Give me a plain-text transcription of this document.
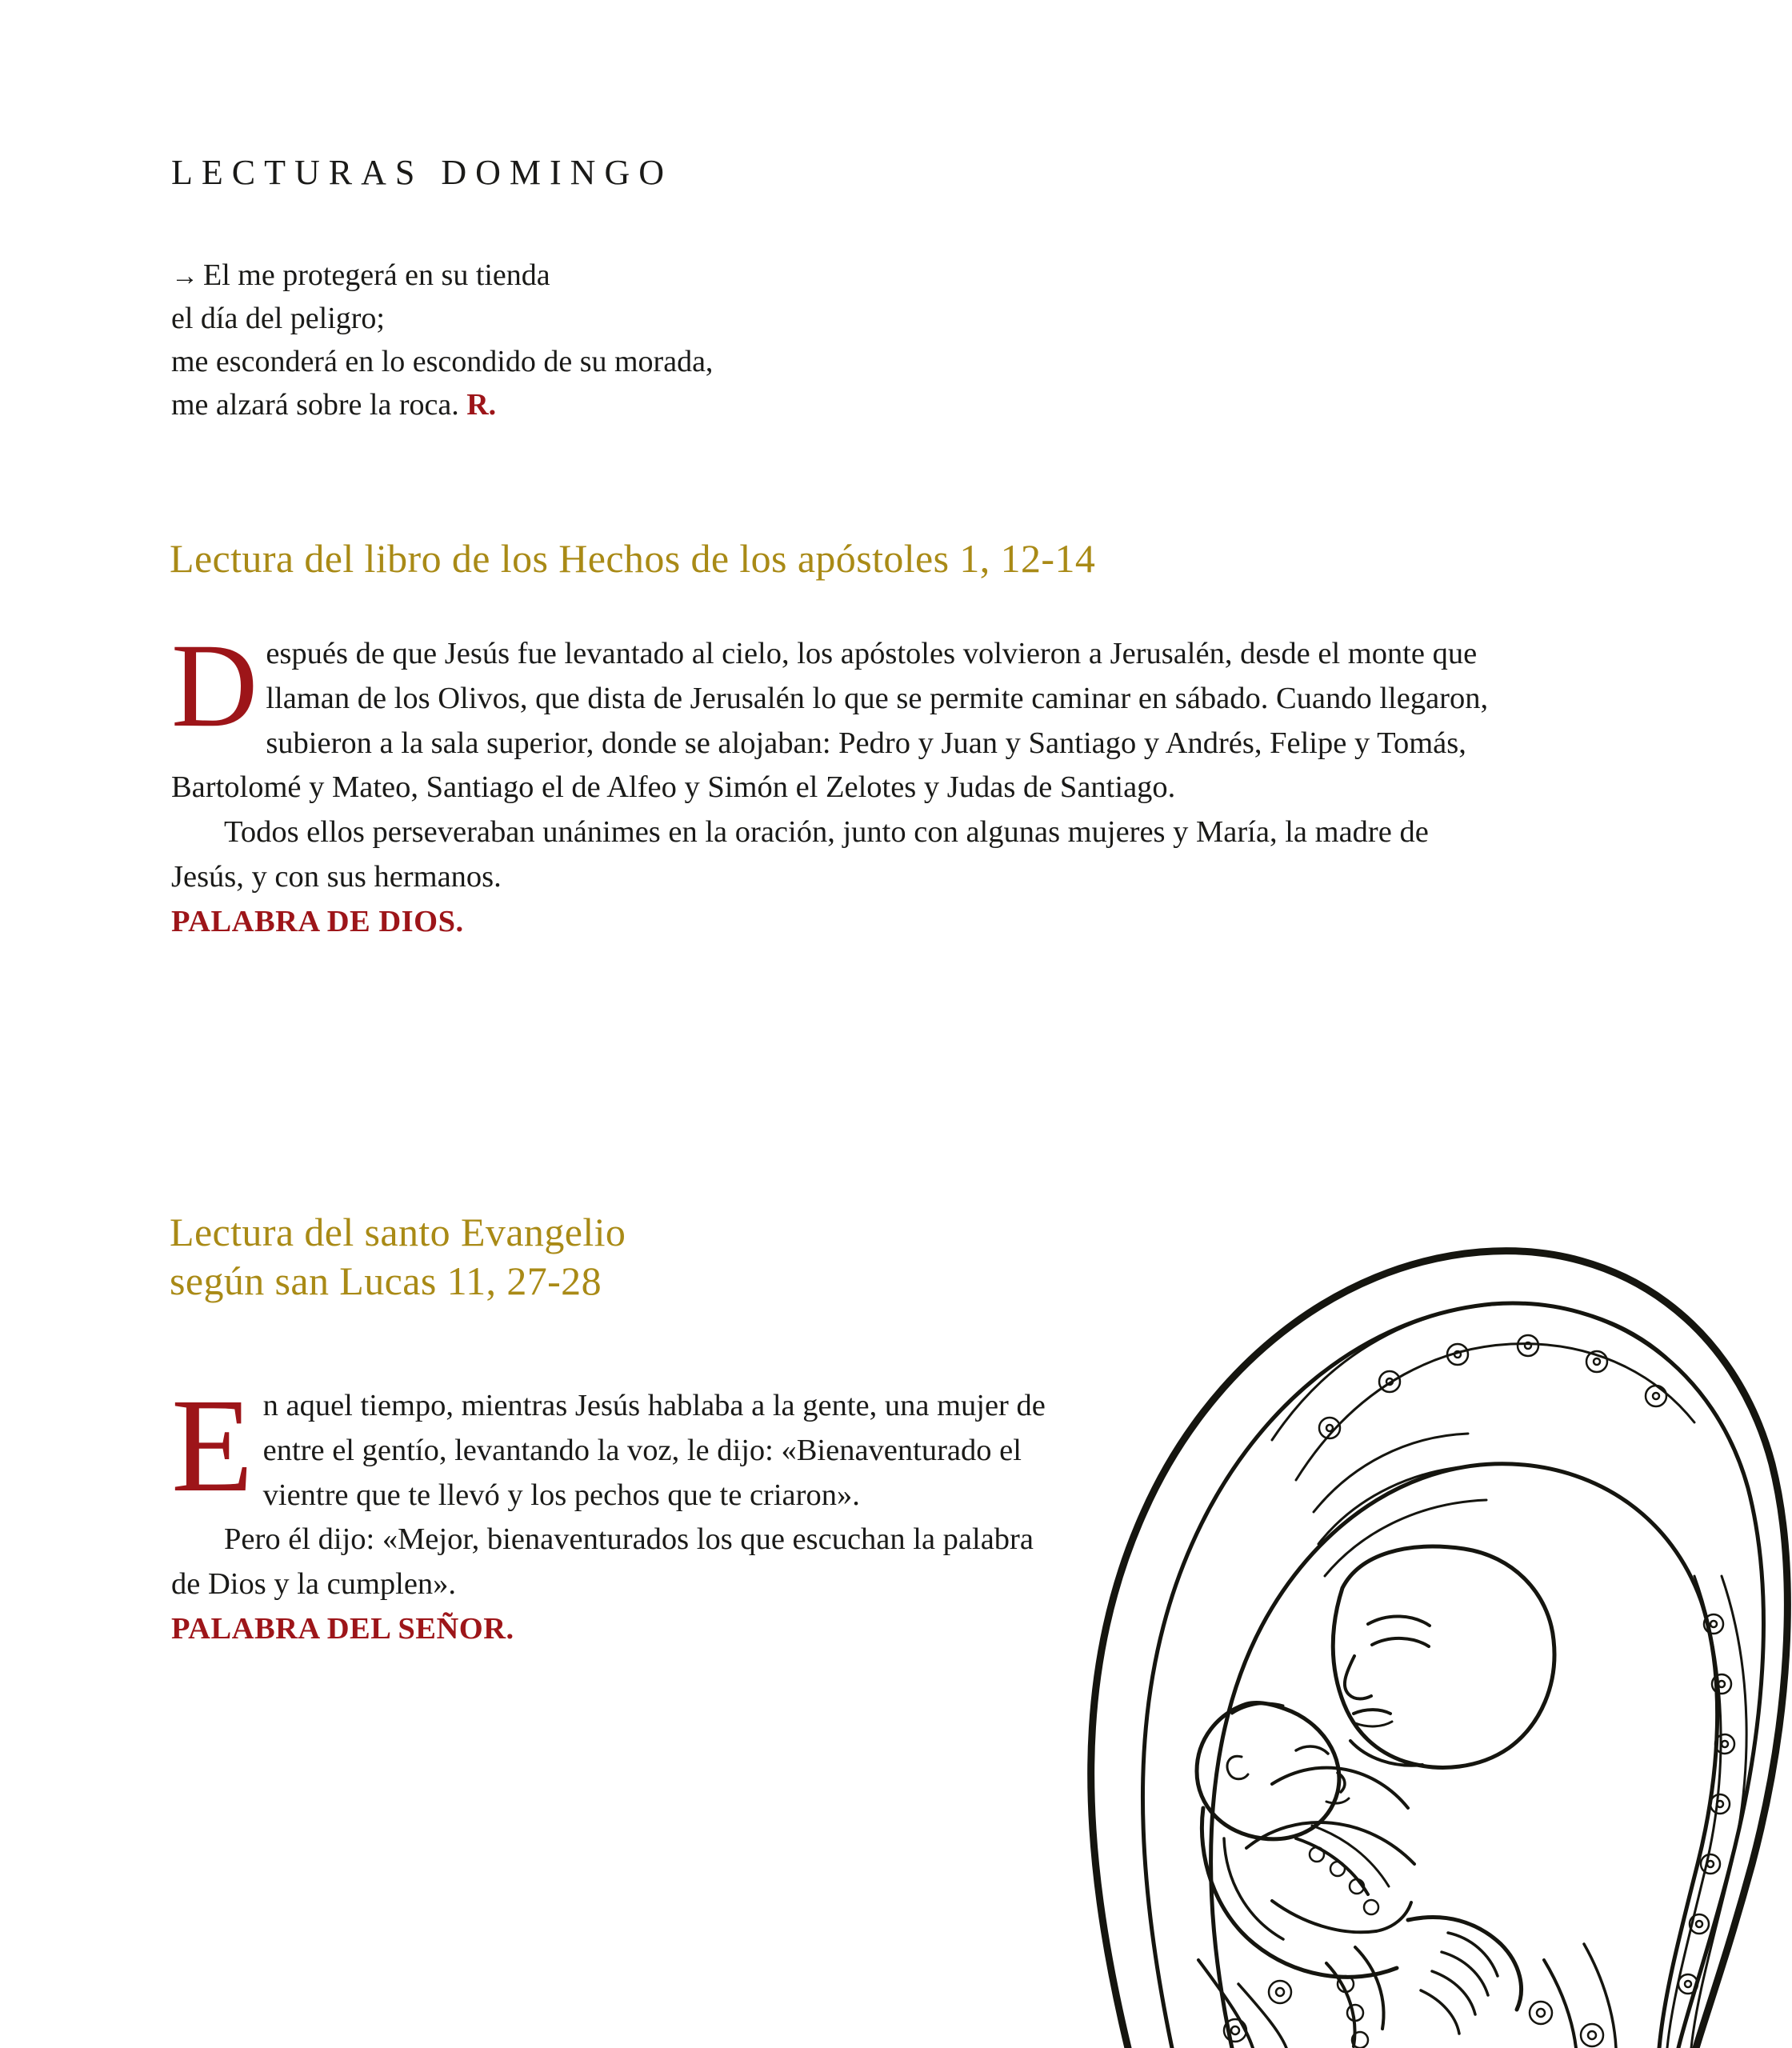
LECTURAS DOMINGO
→ El me protegerá en su tienda
el día del peligro;
me esconderá en lo escondido de su morada,
me alzará sobre la roca. R.
Lectura del libro de los Hechos de los apóstoles 1, 12-14

Después de que Jesús fue levantado al cielo, los apóstoles volvieron a Jerusalén, desde el monte que llaman de los Olivos, que dista de Jerusalén lo que se permite caminar en sábado. Cuando llegaron, subieron a la sala superior, donde se alojaban: Pedro y Juan y Santiago y Andrés, Felipe y Tomás, Bartolomé y Mateo, Santiago el de Alfeo y Simón el Zelotes y Judas de Santiago.

Todos ellos perseveraban unánimes en la oración, junto con algunas mujeres y María, la madre de Jesús, y con sus hermanos.

PALABRA DE DIOS.

Lectura del santo Evangelio
según san Lucas 11, 27-28

En aquel tiempo, mientras Jesús hablaba a la gente, una mujer de entre el gentío, levantando la voz, le dijo: «Bienaventurado el vientre que te llevó y los pechos que te criaron».

Pero él dijo: «Mejor, bienaventurados los que escuchan la palabra de Dios y la cumplen».

PALABRA DEL SEÑOR.
